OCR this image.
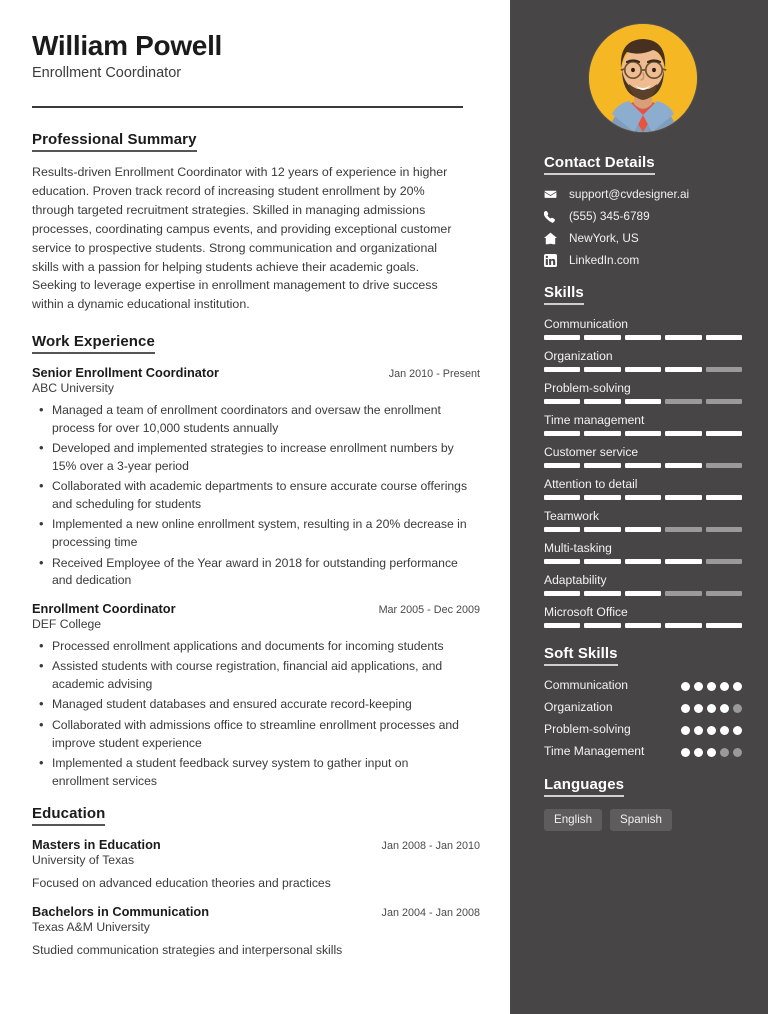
William Powell
Enrollment Coordinator
Professional Summary
Results-driven Enrollment Coordinator with 12 years of experience in higher education. Proven track record of increasing student enrollment by 20% through targeted recruitment strategies. Skilled in managing admissions processes, coordinating campus events, and providing exceptional customer service to prospective students. Strong communication and organizational skills with a passion for helping students achieve their academic goals. Seeking to leverage expertise in enrollment management to drive success within a dynamic educational institution.
Work Experience
Senior Enrollment Coordinator	Jan 2010 - Present
ABC University
• Managed a team of enrollment coordinators and oversaw the enrollment process for over 10,000 students annually
• Developed and implemented strategies to increase enrollment numbers by 15% over a 3-year period
• Collaborated with academic departments to ensure accurate course offerings and scheduling for students
• Implemented a new online enrollment system, resulting in a 20% decrease in processing time
• Received Employee of the Year award in 2018 for outstanding performance and dedication
Enrollment Coordinator	Mar 2005 - Dec 2009
DEF College
• Processed enrollment applications and documents for incoming students
• Assisted students with course registration, financial aid applications, and academic advising
• Managed student databases and ensured accurate record-keeping
• Collaborated with admissions office to streamline enrollment processes and improve student experience
• Implemented a student feedback survey system to gather input on enrollment services
Education
Masters in Education	Jan 2008 - Jan 2010
University of Texas
Focused on advanced education theories and practices
Bachelors in Communication	Jan 2004 - Jan 2008
Texas A&M University
Studied communication strategies and interpersonal skills
Contact Details
support@cvdesigner.ai
(555) 345-6789
NewYork, US
LinkedIn.com
Skills
Communication
Organization
Problem-solving
Time management
Customer service
Attention to detail
Teamwork
Multi-tasking
Adaptability
Microsoft Office
Soft Skills
Communication
Organization
Problem-solving
Time Management
Languages
English	Spanish
